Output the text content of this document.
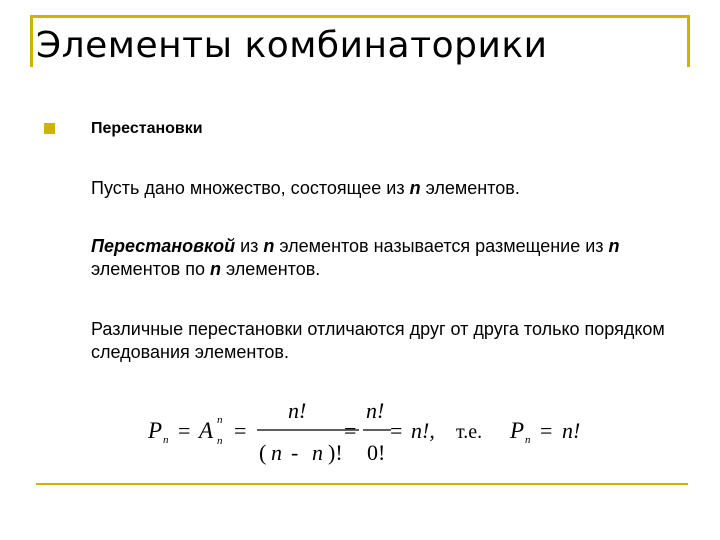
Элементы комбинаторики
Перестановки
Пусть дано множество, состоящее из n элементов.
Перестановкой из n элементов называется размещение из n элементов по n элементов.
Различные перестановки отличаются друг от друга только порядком следования элементов.
P n = A n
n =
n!
( n - n )!
=
n!
0!
= n!, т.е. P n = n!
